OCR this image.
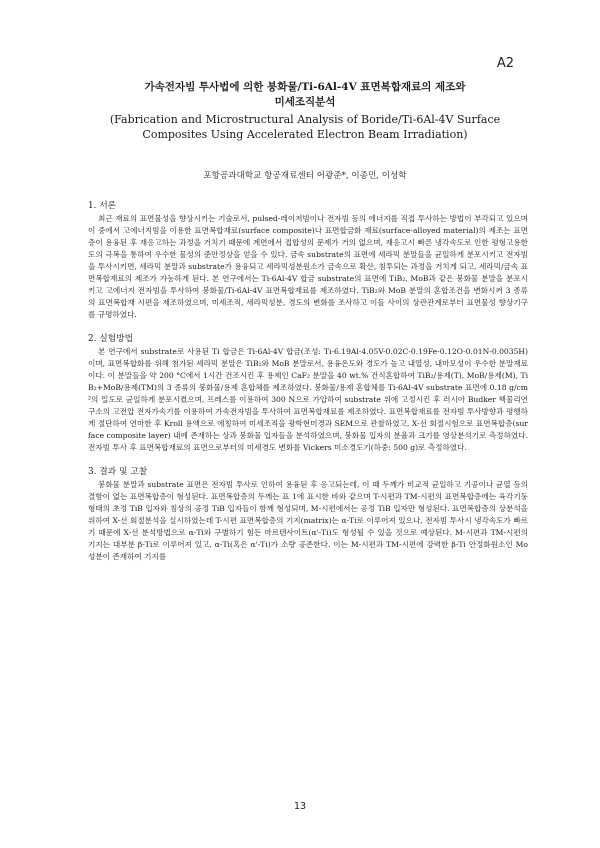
A2

가속전자빔 투사법에 의한 붕화물/Ti-6Al-4V 표면복합재료의 제조와

미세조직분석

(Fabrication and Microstructural Analysis of Boride/Ti-6Al-4V Surface

Composites Using Accelerated Electron Beam Irradiation)

포항공과대학교 항공재료센터 어광준*, 이종민, 이성학

1. 서론

최근 재료의 표면물성을 향상시키는 기술로서, pulsed-레이저빔이나 전자빔 등의 에너지를 직접 투사하는 방법이 부각되고 있으며 이 중에서 고에너지빔을 이용한 표면복합재료(surface composite)나 표면합금화 재료(surface-alloyed material)의 제조는 표면층이 용융된 후 재응고하는 과정을 거치기 때문에 계면에서 접합성의 문제가 거의 없으며, 재응고시 빠른 냉각속도로 인한 평형고용한도의 극복을 통하여 우수한 물성의 준안정상을 얻을 수 있다. 금속 substrate의 표면에 세라믹 분말들을 균일하게 분포시키고 전자빔을 투사시키면, 세라믹 분말과 substrate가 용융되고 세라믹성분원소가 금속으로 확산, 침투되는 과정을 거치게 되고, 세라믹/금속 표면복합재료의 제조가 가능하게 된다. 본 연구에서는 Ti-6Al-4V 합금 substrate의 표면에 TiB₂, MoB과 같은 붕화물 분말을 분포시키고 고에너지 전자빔을 투사하여 붕화물/Ti-6Al-4V 표면복합재료를 제조하였다. TiB₂와 MoB 분말의 혼합조건을 변화시켜 3 종류의 표면복합재 시편을 제조하였으며, 미세조직, 세라믹성분, 경도의 변화를 조사하고 이들 사이의 상관관계로부터 표면물성 향상기구를 규명하였다.

2. 실험방법

본 연구에서 substrate로 사용된 Ti 합금은 Ti-6Al-4V 합금(조성: Ti-6.19Al-4.05V-0.02C-0.19Fe-0.12O-0.01N-0.0035H)이며, 표면복합화를 위해 첨가된 세라믹 분말은 TiB₂와 MoB 분말로서, 용융온도와 경도가 높고 내열성, 내마모성이 우수한 분말재료이다. 이 분말들을 약 200 °C에서 1시간 건조시킨 후 용제인 CaF₂ 분말을 40 wt.% 건식혼합하여 TiB₂/용제(T), MoB/용제(M), TiB₂+MoB/용제(TM)의 3 종류의 붕화물/용제 혼합체를 제조하였다. 붕화물/용제 혼합체를 Ti-6Al-4V substrate 표면에 0.18 g/cm²의 밀도로 균일하게 분포시켰으며, 프레스를 이용하여 300 N으로 가압하여 substrate 위에 고정시킨 후 러시아 Budker 핵물리연구소의 고전압 전자가속기를 이용하여 가속전자빔을 투사하여 표면복합재료를 제조하였다. 표면복합재료를 전자빔 투사방향과 평행하게 절단하여 연마한 후 Kroll 용액으로 에칭하여 미세조직을 광학현미경과 SEM으로 관찰하였고, X-선 회절시험으로 표면복합층(surface composite layer) 내에 존재하는 상과 붕화물 입자들을 분석하였으며, 붕화물 입자의 분율과 크기를 영상분석기로 측정하였다. 전자빔 투사 후 표면복합재료의 표면으로부터의 미세경도 변화를 Vickers 미소경도기(하중: 500 g)로 측정하였다.

3. 결과 및 고찰

붕화물 분말과 substrate 표면은 전자빔 투사로 인하여 용융된 후 응고되는데, 이 때 두께가 비교적 균일하고 기공이나 균열 등의 결함이 없는 표면복합층이 형성된다. 표면복합층의 두께는 표 1에 표시한 바와 같으며 T-시편과 TM-시편의 표면복합층에는 육각기둥 형태의 초정 TiB 입자와 침상의 공정 TiB 입자들이 함께 형성되며, M-시편에서는 공정 TiB 입자만 형성된다. 표면복합층의 상분석을 위하여 X-선 회절분석을 실시하였는데 T-시편 표면복합층의 기지(matrix)는 α-Ti로 이루어져 있으나, 전자빔 투사시 냉각속도가 빠르기 때문에 X-선 분석방법으로 α-Ti와 구별하기 힘든 마르텐사이트(α'-Ti)도 형성될 수 있을 것으로 예상된다. M-시편과 TM-시편의 기지는 대부분 β-Ti로 이루어져 있고, α-Ti(혹은 α'-Ti)가 소량 공존한다. 이는 M-시편과 TM-시편에 강력한 β-Ti 안정화원소인 Mo 성분이 존재하여 기지를

13
